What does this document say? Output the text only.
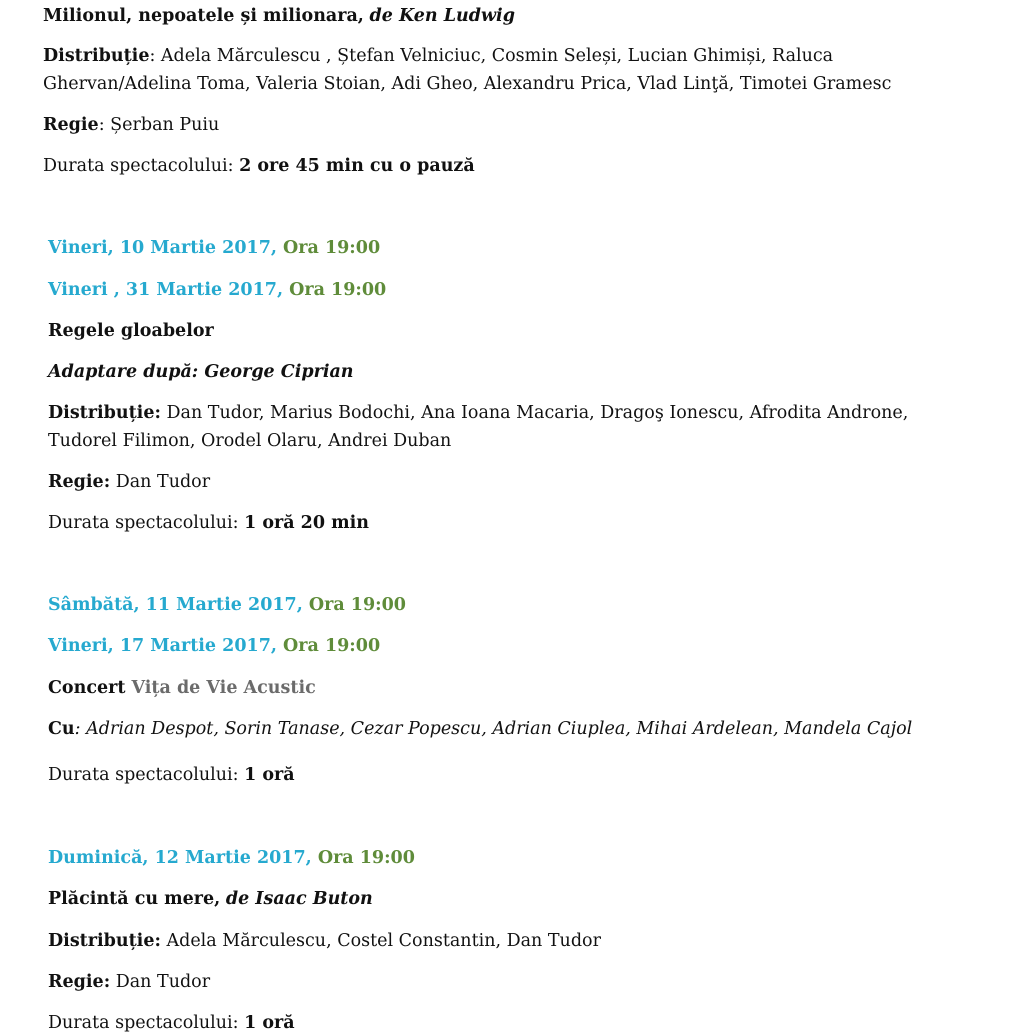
Milionul, nepoatele și milionara, de Ken Ludwig
Distribuție: Adela Mărculescu , Ștefan Velniciuc, Cosmin Seleși, Lucian Ghimiși, Raluca
Ghervan/Adelina Toma, Valeria Stoian, Adi Gheo, Alexandru Prica, Vlad Linţă, Timotei Gramesc
Regie: Șerban Puiu
Durata spectacolului: 2 ore 45 min cu o pauză
Vineri, 10 Martie 2017, Ora 19:00
Vineri , 31 Martie 2017, Ora 19:00
Regele gloabelor
Adaptare după: George Ciprian
Distribuție: Dan Tudor, Marius Bodochi, Ana Ioana Macaria, Dragoş Ionescu, Afrodita Androne,
Tudorel Filimon, Orodel Olaru, Andrei Duban
Regie: Dan Tudor
Durata spectacolului: 1 oră 20 min
Sâmbătă, 11 Martie 2017, Ora 19:00
Vineri, 17 Martie 2017, Ora 19:00
Concert Vița de Vie Acustic
Cu: Adrian Despot, Sorin Tanase, Cezar Popescu, Adrian Ciuplea, Mihai Ardelean, Mandela Cajol
Durata spectacolului: 1 oră
Duminică, 12 Martie 2017, Ora 19:00
Plăcintă cu mere, de Isaac Buton
Distribuție: Adela Mărculescu, Costel Constantin, Dan Tudor
Regie: Dan Tudor
Durata spectacolului: 1 oră
